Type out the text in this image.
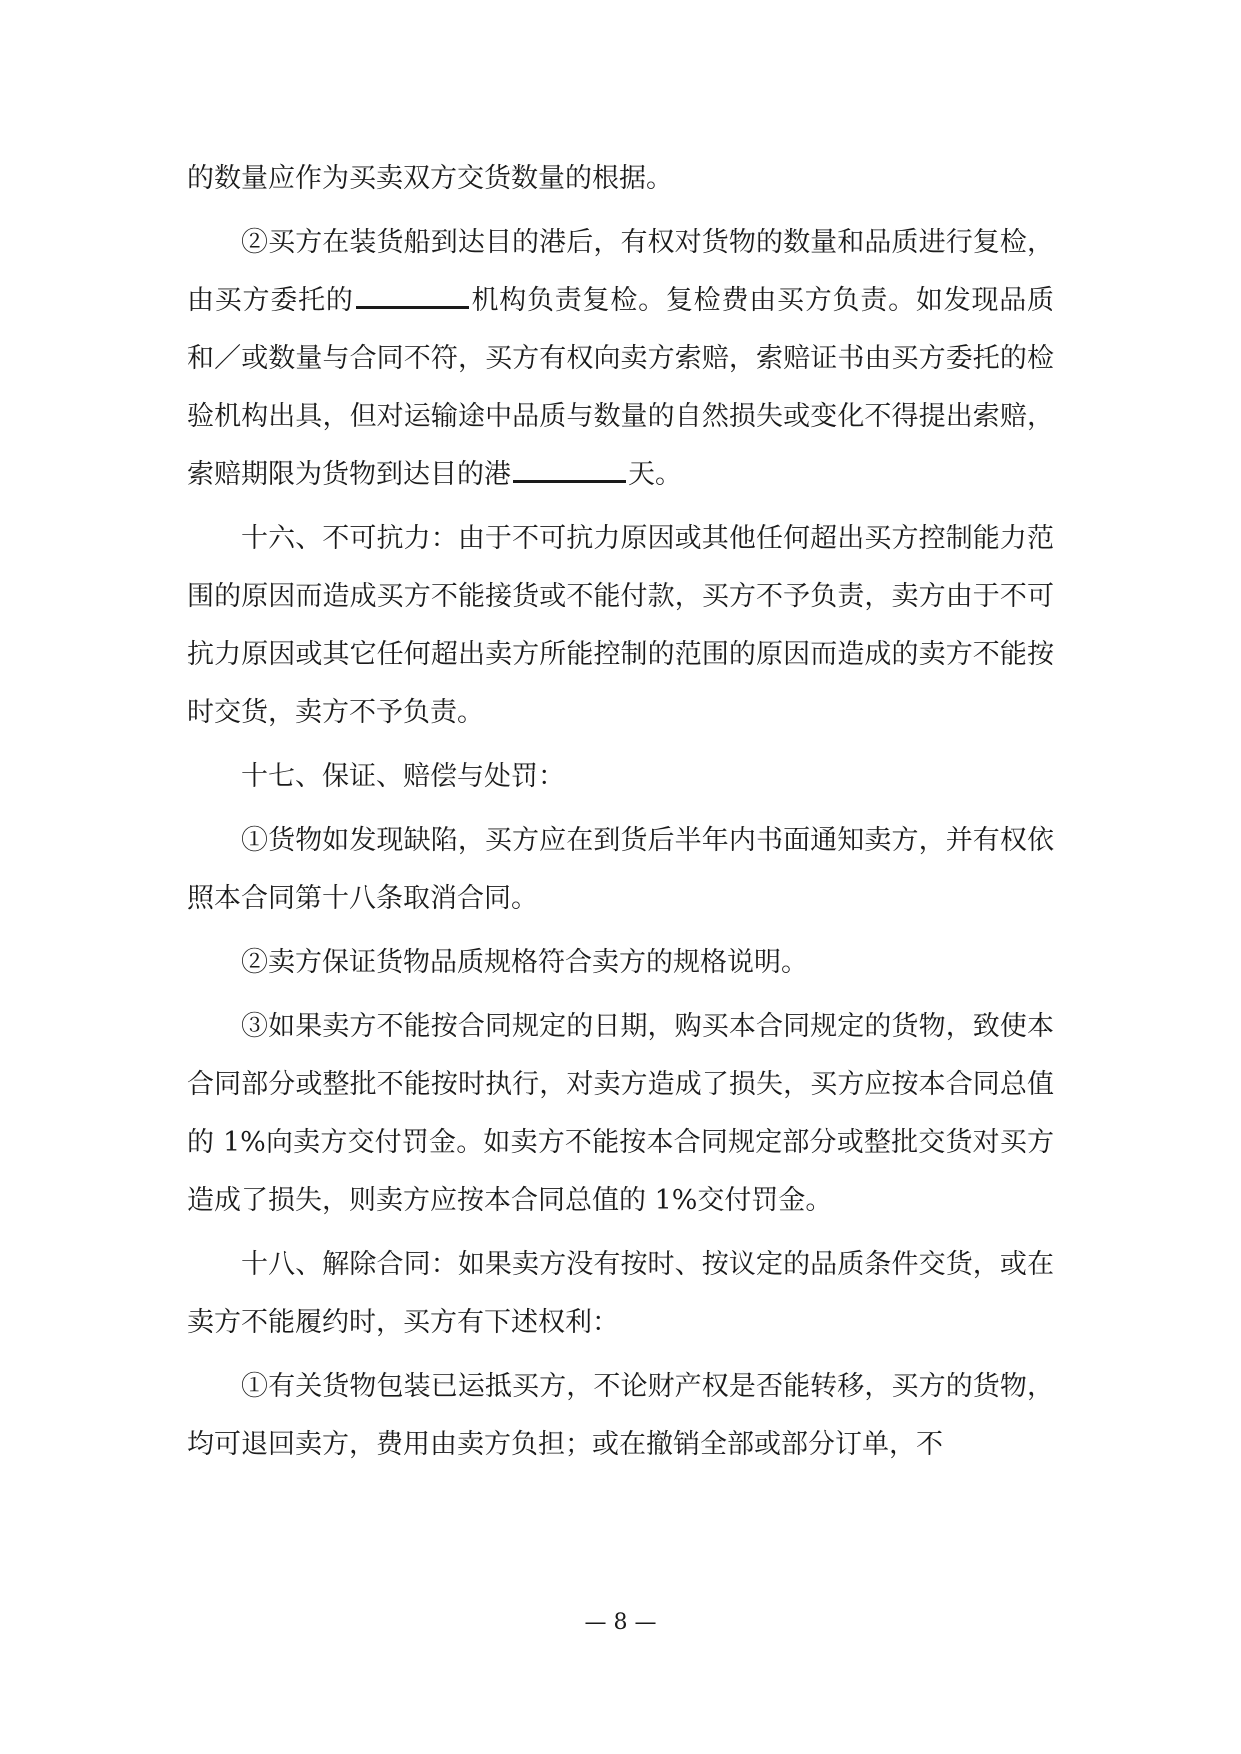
的数量应作为买卖双方交货数量的根据。

②买方在装货船到达目的港后，有权对货物的数量和品质进行复检，由买方委托的	机构负责复检。复检费由买方负责。如发现品质和／或数量与合同不符，买方有权向卖方索赔，索赔证书由买方委托的检验机构出具，但对运输途中品质与数量的自然损失或变化不得提出索赔，索赔期限为货物到达目的港	天。

十六、不可抗力：由于不可抗力原因或其他任何超出买方控制能力范围的原因而造成买方不能接货或不能付款，买方不予负责，卖方由于不可抗力原因或其它任何超出卖方所能控制的范围的原因而造成的卖方不能按时交货，卖方不予负责。

十七、保证、赔偿与处罚：

①货物如发现缺陷，买方应在到货后半年内书面通知卖方，并有权依照本合同第十八条取消合同。

②卖方保证货物品质规格符合卖方的规格说明。

③如果卖方不能按合同规定的日期，购买本合同规定的货物，致使本合同部分或整批不能按时执行，对卖方造成了损失，买方应按本合同总值的 1%向卖方交付罚金。如卖方不能按本合同规定部分或整批交货对买方造成了损失，则卖方应按本合同总值的 1%交付罚金。

十八、解除合同：如果卖方没有按时、按议定的品质条件交货，或在卖方不能履约时，买方有下述权利：

①有关货物包装已运抵买方，不论财产权是否能转移，买方的货物，均可退回卖方，费用由卖方负担；或在撤销全部或部分订单，不

— 8 —
